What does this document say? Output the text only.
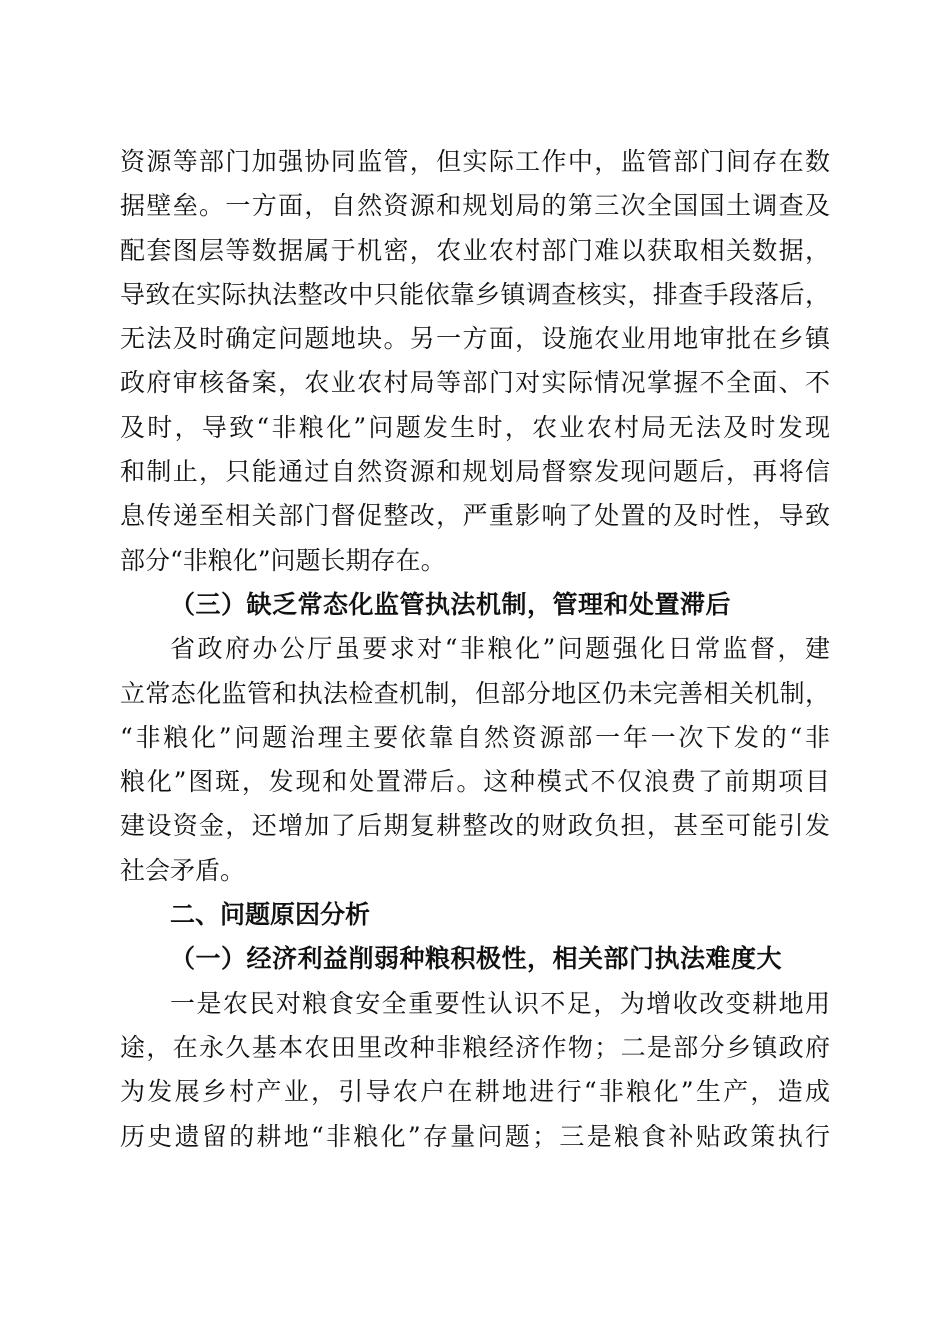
资源等部门加强协同监管，但实际工作中，监管部门间存在数
据壁垒。一方面，自然资源和规划局的第三次全国国土调查及
配套图层等数据属于机密，农业农村部门难以获取相关数据，
导致在实际执法整改中只能依靠乡镇调查核实，排查手段落后，
无法及时确定问题地块。另一方面，设施农业用地审批在乡镇
政府审核备案，农业农村局等部门对实际情况掌握不全面、不
及时，导致“非粮化”问题发生时，农业农村局无法及时发现
和制止，只能通过自然资源和规划局督察发现问题后，再将信
息传递至相关部门督促整改，严重影响了处置的及时性，导致
部分“非粮化”问题长期存在。
（三）缺乏常态化监管执法机制，管理和处置滞后
省政府办公厅虽要求对“非粮化”问题强化日常监督，建
立常态化监管和执法检查机制，但部分地区仍未完善相关机制，
“非粮化”问题治理主要依靠自然资源部一年一次下发的“非
粮化”图斑，发现和处置滞后。这种模式不仅浪费了前期项目
建设资金，还增加了后期复耕整改的财政负担，甚至可能引发
社会矛盾。
二、问题原因分析
（一）经济利益削弱种粮积极性，相关部门执法难度大
一是农民对粮食安全重要性认识不足，为增收改变耕地用
途，在永久基本农田里改种非粮经济作物；二是部分乡镇政府
为发展乡村产业，引导农户在耕地进行“非粮化”生产，造成
历史遗留的耕地“非粮化”存量问题；三是粮食补贴政策执行
